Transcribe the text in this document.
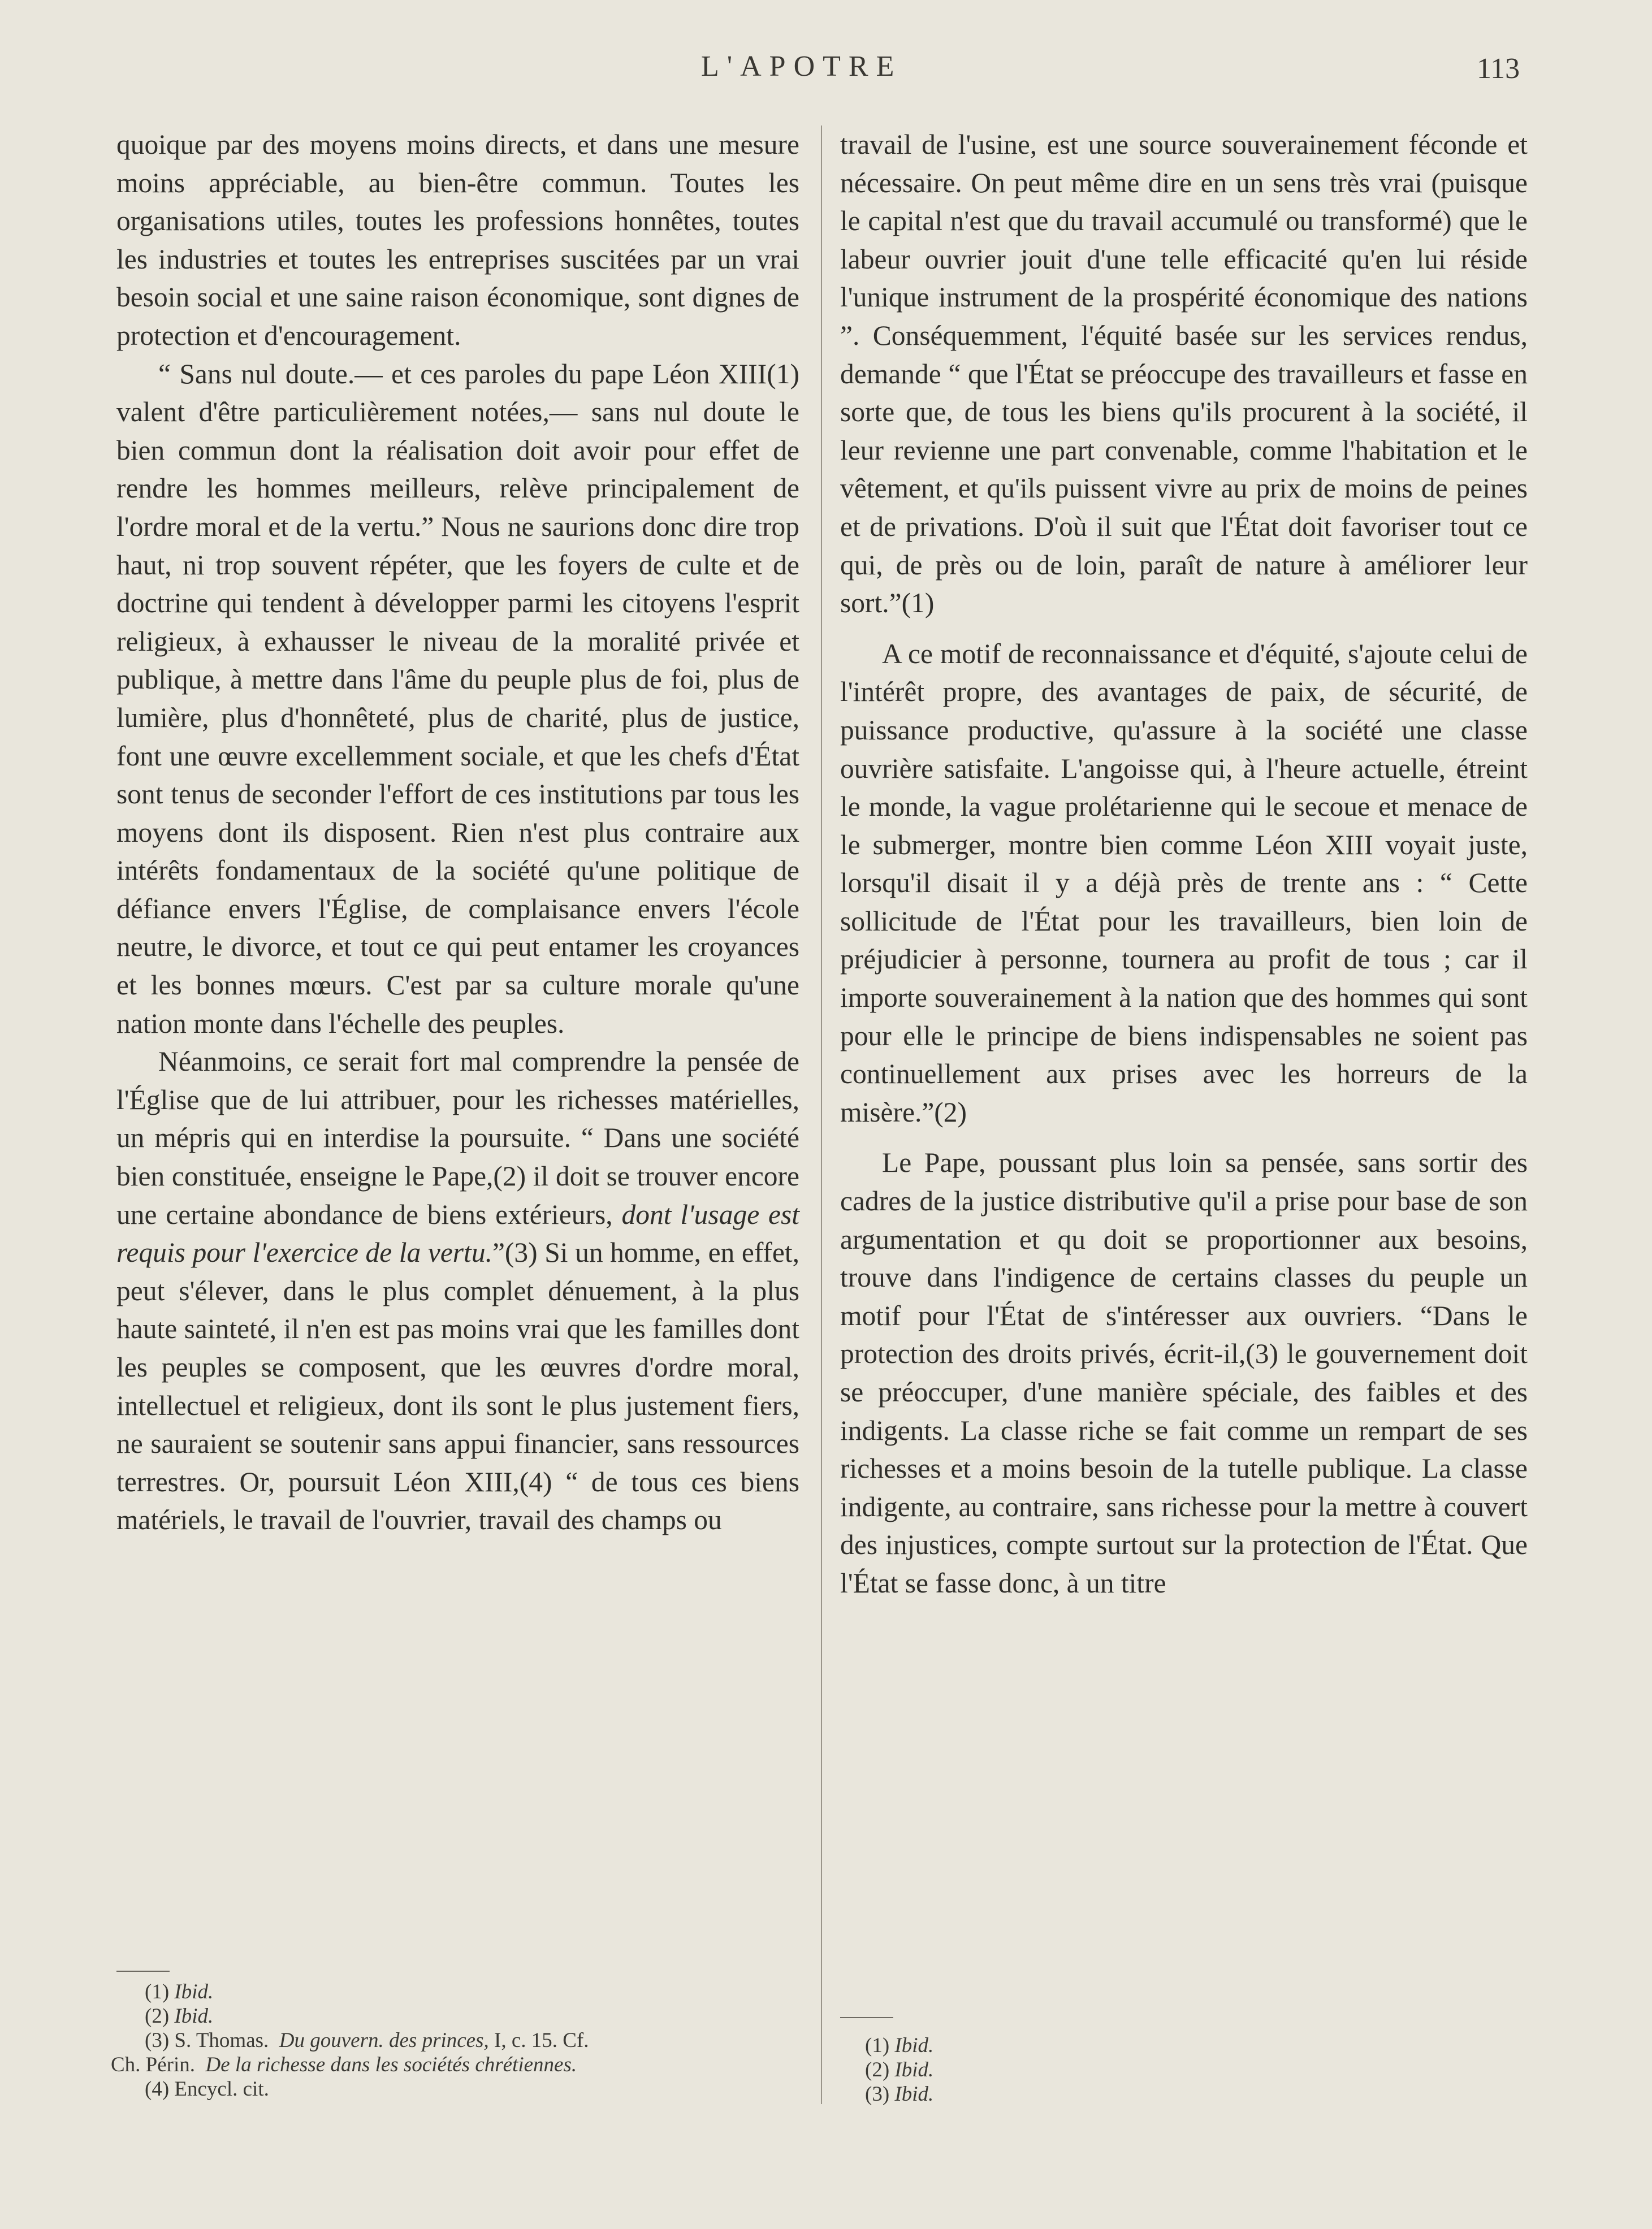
L'APOTRE	113

quoique par des moyens moins directs, et dans une mesure moins appréciable, au bien-être commun. Toutes les organisations utiles, toutes les professions honnêtes, toutes les industries et toutes les entreprises suscitées par un vrai besoin social et une saine raison économique, sont dignes de protection et d'encouragement.

“ Sans nul doute.— et ces paroles du pape Léon XIII(1) valent d'être particulièrement notées,— sans nul doute le bien commun dont la réalisation doit avoir pour effet de rendre les hommes meilleurs, relève principalement de l'ordre moral et de la vertu.” Nous ne saurions donc dire trop haut, ni trop souvent répéter, que les foyers de culte et de doctrine qui tendent à développer parmi les citoyens l'esprit religieux, à exhausser le niveau de la moralité privée et publique, à mettre dans l'âme du peuple plus de foi, plus de lumière, plus d'honnêteté, plus de charité, plus de justice, font une œuvre excellemment sociale, et que les chefs d'État sont tenus de seconder l'effort de ces institutions par tous les moyens dont ils disposent. Rien n'est plus contraire aux intérêts fondamentaux de la société qu'une politique de défiance envers l'Église, de complaisance envers l'école neutre, le divorce, et tout ce qui peut entamer les croyances et les bonnes mœurs. C'est par sa culture morale qu'une nation monte dans l'échelle des peuples.

Néanmoins, ce serait fort mal comprendre la pensée de l'Église que de lui attribuer, pour les richesses matérielles, un mépris qui en interdise la poursuite. “ Dans une société bien constituée, enseigne le Pape,(2) il doit se trouver encore une certaine abondance de biens extérieurs, dont l'usage est requis pour l'exercice de la vertu.”(3) Si un homme, en effet, peut s'élever, dans le plus complet dénuement, à la plus haute sainteté, il n'en est pas moins vrai que les familles dont les peuples se composent, que les œuvres d'ordre moral, intellectuel et religieux, dont ils sont le plus justement fiers, ne sauraient se soutenir sans appui financier, sans ressources terrestres. Or, poursuit Léon XIII,(4) “ de tous ces biens matériels, le travail de l'ouvrier, travail des champs ou

(1) Ibid.
(2) Ibid.
(3) S. Thomas. Du gouvern. des princes, I, c. 15. Cf.
Ch. Périn. De la richesse dans les sociétés chrétiennes.
(4) Encycl. cit.

travail de l'usine, est une source souverainement féconde et nécessaire. On peut même dire en un sens très vrai (puisque le capital n'est que du travail accumulé ou transformé) que le labeur ouvrier jouit d'une telle efficacité qu'en lui réside l'unique instrument de la prospérité économique des nations ”. Conséquemment, l'équité basée sur les services rendus, demande “ que l'État se préoccupe des travailleurs et fasse en sorte que, de tous les biens qu'ils procurent à la société, il leur revienne une part convenable, comme l'habitation et le vêtement, et qu'ils puissent vivre au prix de moins de peines et de privations. D'où il suit que l'État doit favoriser tout ce qui, de près ou de loin, paraît de nature à améliorer leur sort.”(1)

A ce motif de reconnaissance et d'équité, s'ajoute celui de l'intérêt propre, des avantages de paix, de sécurité, de puissance productive, qu'assure à la société une classe ouvrière satisfaite. L'angoisse qui, à l'heure actuelle, étreint le monde, la vague prolétarienne qui le secoue et menace de le submerger, montre bien comme Léon XIII voyait juste, lorsqu'il disait il y a déjà près de trente ans : “ Cette sollicitude de l'État pour les travailleurs, bien loin de préjudicier à personne, tournera au profit de tous ; car il importe souverainement à la nation que des hommes qui sont pour elle le principe de biens indispensables ne soient pas continuellement aux prises avec les horreurs de la misère.”(2)

Le Pape, poussant plus loin sa pensée, sans sortir des cadres de la justice distributive qu'il a prise pour base de son argumentation et qu doit se proportionner aux besoins, trouve dans l'indigence de certains classes du peuple un motif pour l'État de s'intéresser aux ouvriers. “Dans le protection des droits privés, écrit-il,(3) le gouvernement doit se préoccuper, d'une manière spéciale, des faibles et des indigents. La classe riche se fait comme un rempart de ses richesses et a moins besoin de la tutelle publique. La classe indigente, au contraire, sans richesse pour la mettre à couvert des injustices, compte surtout sur la protection de l'État. Que l'État se fasse donc, à un titre

(1) Ibid.
(2) Ibid.
(3) Ibid.
